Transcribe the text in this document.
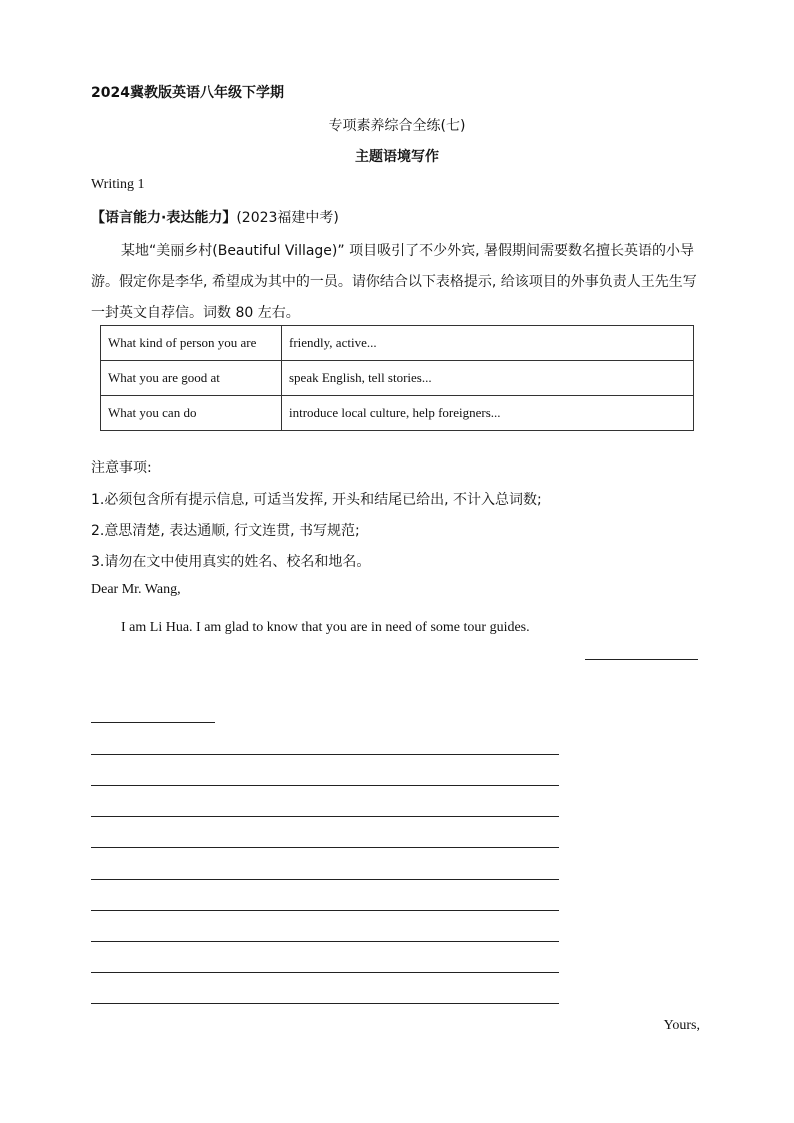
2024冀教版英语八年级下学期
专项素养综合全练(七)
主题语境写作
Writing 1
【语言能力·表达能力】(2023福建中考)
某地“美丽乡村(Beautiful Village)” 项目吸引了不少外宾, 暑假期间需要数名擅长英语的小导游。假定你是李华, 希望成为其中的一员。请你结合以下表格提示, 给该项目的外事负责人王先生写一封英文自荐信。词数 80 左右。
What kind of person you are	friendly, active...
What you are good at	speak English, tell stories...
What you can do	introduce local culture, help foreigners...
注意事项:
1.必须包含所有提示信息, 可适当发挥, 开头和结尾已给出, 不计入总词数;
2.意思清楚, 表达通顺, 行文连贯, 书写规范;
3.请勿在文中使用真实的姓名、校名和地名。
Dear Mr. Wang,
I am Li Hua. I am glad to know that you are in need of some tour guides.
Yours,
